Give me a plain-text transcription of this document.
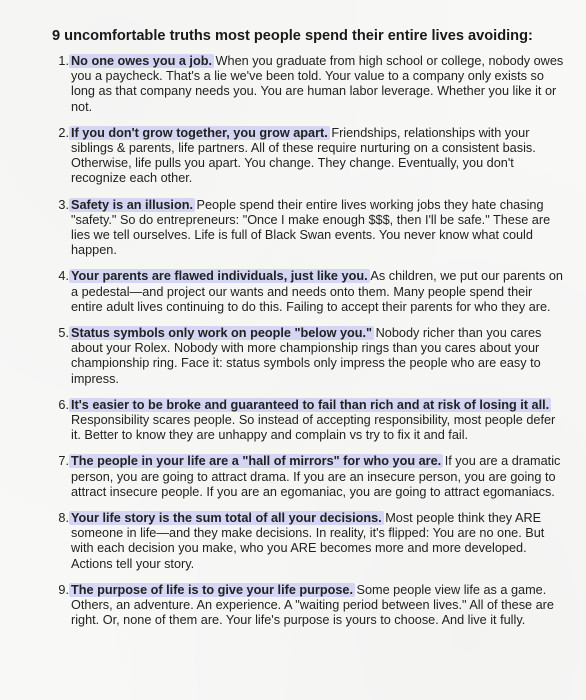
9 uncomfortable truths most people spend their entire lives avoiding:
1. No one owes you a job. When you graduate from high school or college, nobody owes you a paycheck. That's a lie we've been told. Your value to a company only exists so long as that company needs you. You are human labor leverage. Whether you like it or not.
2. If you don't grow together, you grow apart. Friendships, relationships with your siblings & parents, life partners. All of these require nurturing on a consistent basis. Otherwise, life pulls you apart. You change. They change. Eventually, you don't recognize each other.
3. Safety is an illusion. People spend their entire lives working jobs they hate chasing "safety." So do entrepreneurs: "Once I make enough $$$, then I'll be safe." These are lies we tell ourselves. Life is full of Black Swan events. You never know what could happen.
4. Your parents are flawed individuals, just like you. As children, we put our parents on a pedestal—and project our wants and needs onto them. Many people spend their entire adult lives continuing to do this. Failing to accept their parents for who they are.
5. Status symbols only work on people "below you." Nobody richer than you cares about your Rolex. Nobody with more championship rings than you cares about your championship ring. Face it: status symbols only impress the people who are easy to impress.
6. It's easier to be broke and guaranteed to fail than rich and at risk of losing it all. Responsibility scares people. So instead of accepting responsibility, most people defer it. Better to know they are unhappy and complain vs try to fix it and fail.
7. The people in your life are a "hall of mirrors" for who you are. If you are a dramatic person, you are going to attract drama. If you are an insecure person, you are going to attract insecure people. If you are an egomaniac, you are going to attract egomaniacs.
8. Your life story is the sum total of all your decisions. Most people think they ARE someone in life—and they make decisions. In reality, it's flipped: You are no one. But with each decision you make, who you ARE becomes more and more developed. Actions tell your story.
9. The purpose of life is to give your life purpose. Some people view life as a game. Others, an adventure. An experience. A "waiting period between lives." All of these are right. Or, none of them are. Your life's purpose is yours to choose. And live it fully.
